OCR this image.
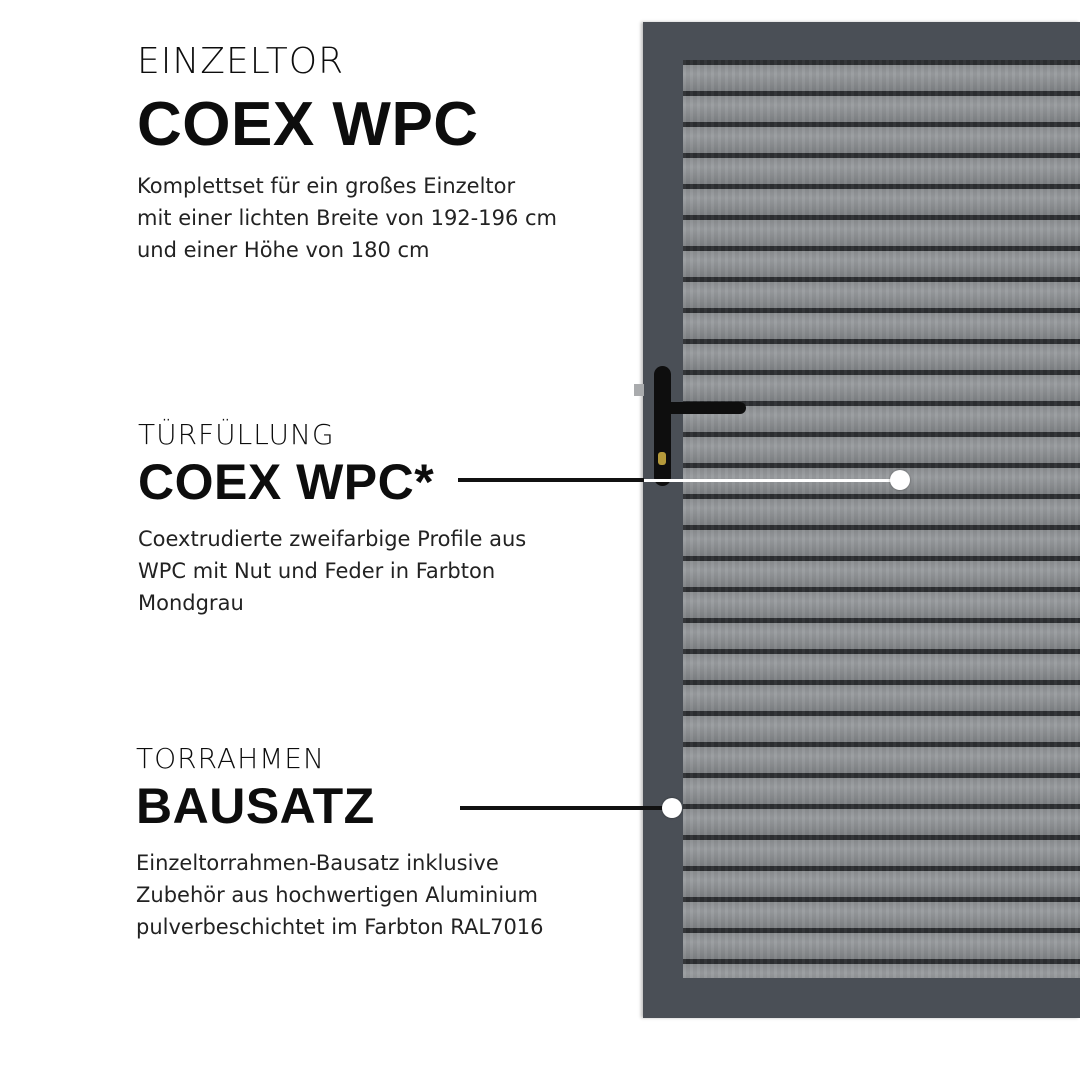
EINZELTOR
COEX WPC
Komplettset für ein großes Einzeltor
mit einer lichten Breite von 192-196 cm
und einer Höhe von 180 cm
TÜRFÜLLUNG
COEX WPC*
Coextrudierte zweifarbige Profile aus
WPC mit Nut und Feder in Farbton
Mondgrau
TORRAHMEN
BAUSATZ
Einzeltorrahmen-Bausatz inklusive
Zubehör aus hochwertigen Aluminium
pulverbeschichtet im Farbton RAL7016
